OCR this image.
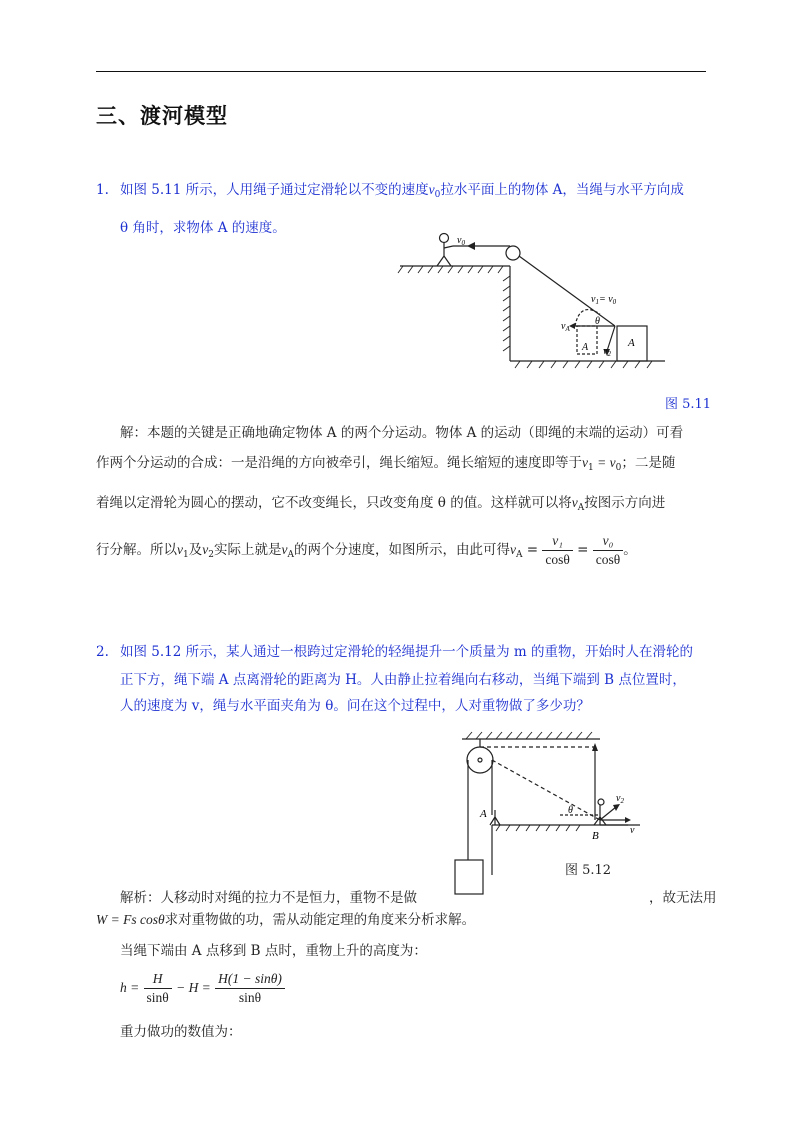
三、渡河模型
1. 如图 5.11 所示，人用绳子通过定滑轮以不变的速度$v_0$拉水平面上的物体 A，当绳与水平方向成
θ 角时，求物体 A 的速度。
$v_0$
$v_1= v_0$
θ
$v_A$
A $v_2$
A
图 5.11
解：本题的关键是正确地确定物体 A 的两个分运动。物体 A 的运动（即绳的末端的运动）可看
作两个分运动的合成：一是沿绳的方向被牵引，绳长缩短。绳长缩短的速度即等于$v_1 = v_0$；二是随
着绳以定滑轮为圆心的摆动，它不改变绳长，只改变角度 θ 的值。这样就可以将$v_A$按图示方向进
行分解。所以$v_1$及$v_2$实际上就是$v_A$的两个分速度，如图所示，由此可得$v_A = \frac{\text{v₁}}{\cos\theta} = \frac{\text{v₀}}{\cos\theta}$ 。
2. 如图 5.12 所示，某人通过一根跨过定滑轮的轻绳提升一个质量为 m 的重物，开始时人在滑轮的
正下方，绳下端 A 点离滑轮的距离为 H。人由静止拉着绳向右移动，当绳下端到 B 点位置时，
人的速度为 v，绳与水平面夹角为 θ。问在这个过程中，人对重物做了多少功？
A
B
θ
$v_2$
v
图 5.12
解析：人移动时对绳的拉力不是恒力，重物不是做	，故无法用
W = Fs cosθ求对重物做的功，需从动能定理的角度来分析求解。
当绳下端由 A 点移到 B 点时，重物上升的高度为：
$h = \frac{H}{\sin\theta} - H = \frac{H(1 - \sin\theta)}{\sin\theta}$
重力做功的数值为：
